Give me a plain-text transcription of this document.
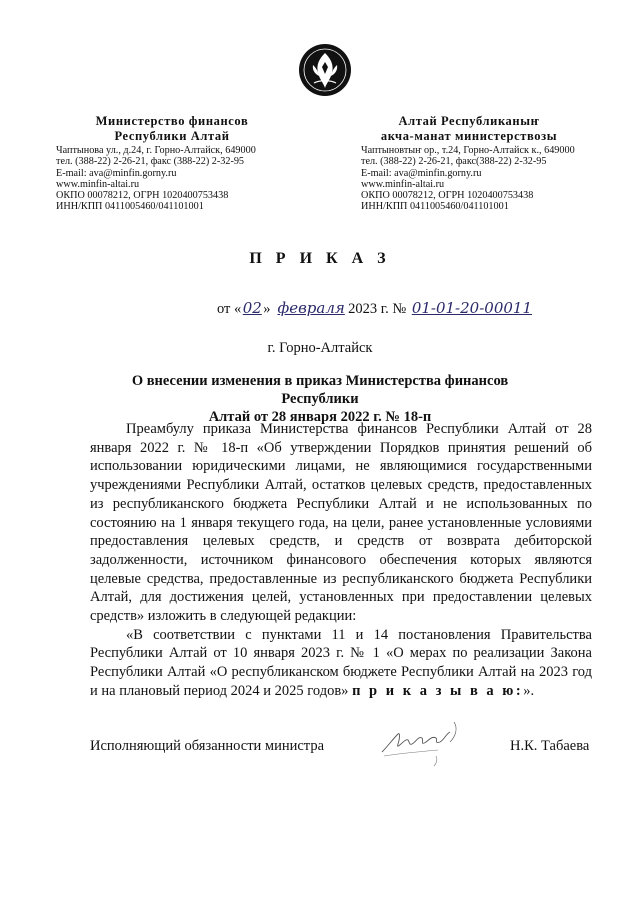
Министерство финансов
Республики Алтай
Чаптынова ул., д.24, г. Горно-Алтайск, 649000
тел. (388-22) 2-26-21, факс (388-22) 2-32-95
E-mail: ava@minfin.gorny.ru
www.minfin-altai.ru
ОКПО 00078212, ОГРН 1020400753438
ИНН/КПП 0411005460/041101001
Алтай Республиканыҥ
акча-манат министерствозы
Чаптыновтыҥ ор., т.24, Горно-Алтайск к., 649000
тел. (388-22) 2-26-21, факс(388-22) 2-32-95
E-mail: ava@minfin.gorny.ru
www.minfin-altai.ru
ОКПО 00078212, ОГРН 1020400753438
ИНН/КПП 0411005460/041101001
П Р И К А З
от «02» февраля 2023 г. № 01-01-20-00011
г. Горно-Алтайск
О внесении изменения в приказ Министерства финансов Республики
Алтай от 28 января 2022 г. № 18-п

Преамбулу приказа Министерства финансов Республики Алтай от 28 января 2022 г. № 18-п «Об утверждении Порядков принятия решений об использовании юридическими лицами, не являющимися государственными учреждениями Республики Алтай, остатков целевых средств, предоставленных из республиканского бюджета Республики Алтай и не использованных по состоянию на 1 января текущего года, на цели, ранее установленные условиями предоставления целевых средств, и средств от возврата дебиторской задолженности, источником финансового обеспечения которых являются целевые средства, предоставленные из республиканского бюджета Республики Алтай, для достижения целей, установленных при предоставлении целевых средств» изложить в следующей редакции:

«В соответствии с пунктами 11 и 14 постановления Правительства Республики Алтай от 10 января 2023 г. № 1 «О мерах по реализации Закона Республики Алтай «О республиканском бюджете Республики Алтай на 2023 год и на плановый период 2024 и 2025 годов» п р и к а з ы в а ю:».

Исполняющий обязанности министра	Н.К. Табаева
